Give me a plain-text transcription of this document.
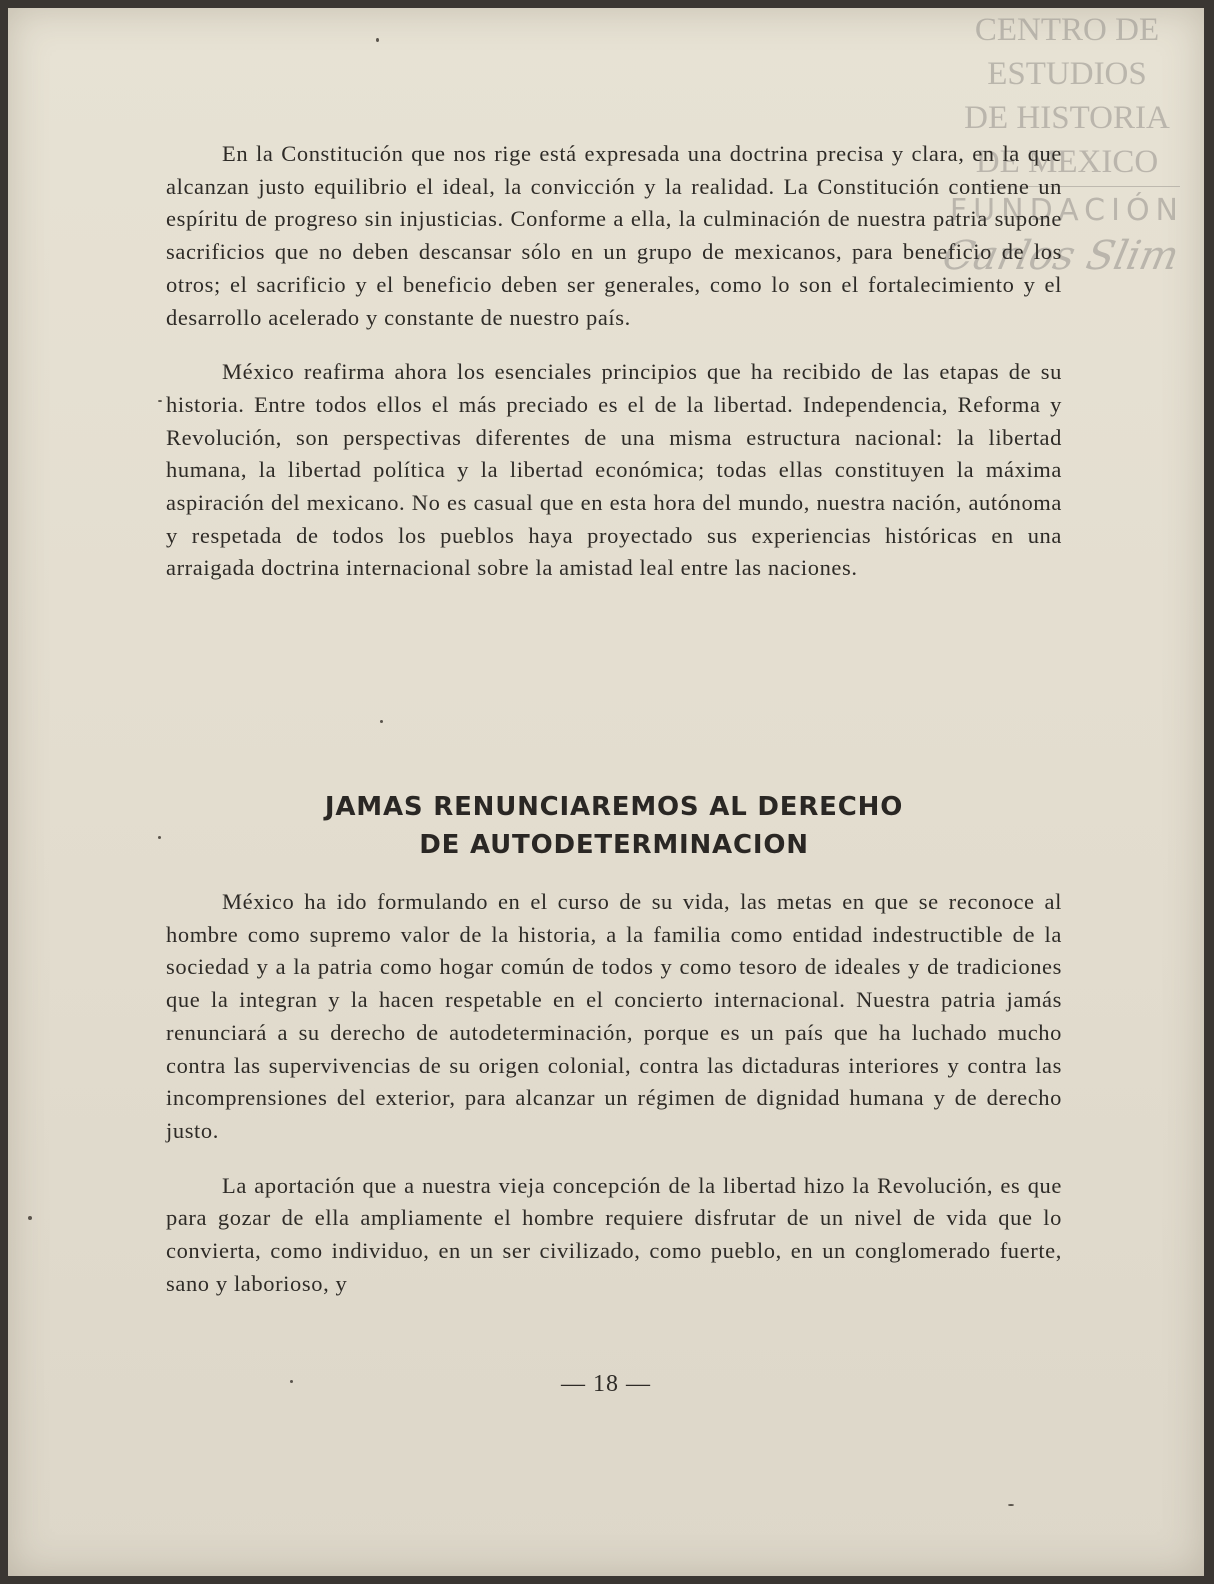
CENTRO DE
ESTUDIOS
DE HISTORIA
DE MEXICO
FUNDACIÓN
Carlos Slim

En la Constitución que nos rige está expresada una doctrina precisa y clara, en la que alcanzan justo equilibrio el ideal, la convicción y la realidad. La Constitución contiene un espíritu de progreso sin injusticias. Conforme a ella, la culminación de nuestra patria supone sacrificios que no deben descansar sólo en un grupo de mexicanos, para beneficio de los otros; el sacrificio y el beneficio deben ser generales, como lo son el fortalecimiento y el desarrollo acelerado y constante de nuestro país.

México reafirma ahora los esenciales principios que ha recibido de las etapas de su historia. Entre todos ellos el más preciado es el de la libertad. Independencia, Reforma y Revolución, son perspectivas diferentes de una misma estructura nacional: la libertad humana, la libertad política y la libertad económica; todas ellas constituyen la máxima aspiración del mexicano. No es casual que en esta hora del mundo, nuestra nación, autónoma y respetada de todos los pueblos haya proyectado sus experiencias históricas en una arraigada doctrina internacional sobre la amistad leal entre las naciones.

JAMAS RENUNCIAREMOS AL DERECHO
DE AUTODETERMINACION

México ha ido formulando en el curso de su vida, las metas en que se reconoce al hombre como supremo valor de la historia, a la familia como entidad indestructible de la sociedad y a la patria como hogar común de todos y como tesoro de ideales y de tradiciones que la integran y la hacen respetable en el concierto internacional. Nuestra patria jamás renunciará a su derecho de autodeterminación, porque es un país que ha luchado mucho contra las supervivencias de su origen colonial, contra las dictaduras interiores y contra las incomprensiones del exterior, para alcanzar un régimen de dignidad humana y de derecho justo.

La aportación que a nuestra vieja concepción de la libertad hizo la Revolución, es que para gozar de ella ampliamente el hombre requiere disfrutar de un nivel de vida que lo convierta, como individuo, en un ser civilizado, como pueblo, en un conglomerado fuerte, sano y laborioso, y

— 18 —
